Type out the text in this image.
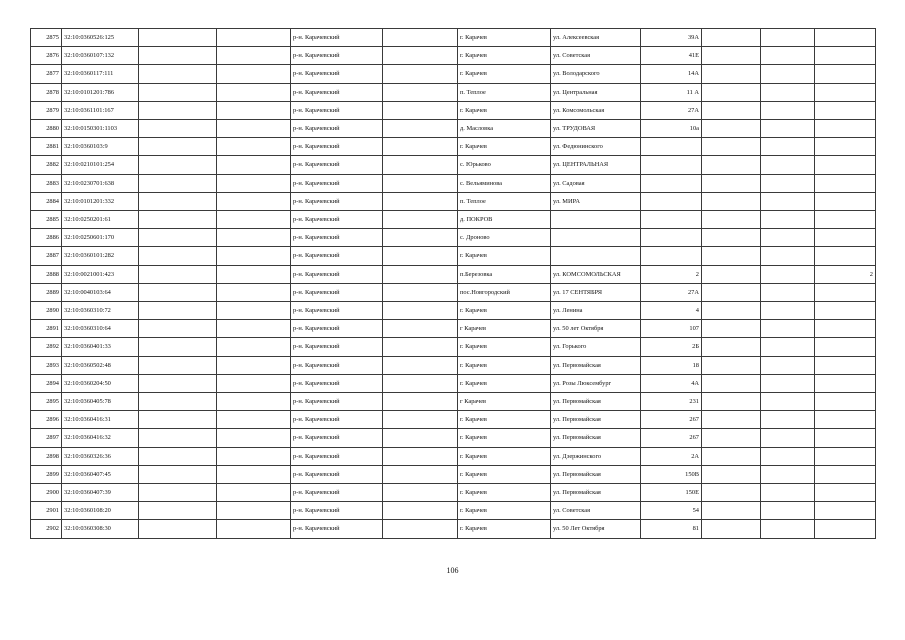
2875	32:10:0360526:125			р-н. Карачевский		г. Карачев	ул. Алексеевская	39А			
2876	32:10:0360107:132			р-н. Карачевский		г. Карачев	ул. Советская	41Е			
2877	32:10:0360117:111			р-н. Карачевский		г. Карачев	ул. Володарского	14А			
2878	32:10:0101201:786			р-н. Карачевский		п. Теплое	ул. Центральная	11 А			
2879	32:10:0361101:167			р-н. Карачевский		г. Карачев	ул. Комсомольская	27А			
2880	32:10:0150301:1103			р-н. Карачевский		д. Масловка	ул. ТРУДОВАЯ	10а			
2881	32:10:0360103:9			р-н. Карачевский		г. Карачев	ул. Федюнинского				
2882	32:10:0210101:254			р-н. Карачевский		с. Юрьково	ул. ЦЕНТРАЛЬНАЯ				
2883	32:10:0230701:638			р-н. Карачевский		с. Вельяминова	ул. Садовая				
2884	32:10:0101201:332			р-н. Карачевский		п. Теплое	ул. МИРА				
2885	32:10:0250201:61			р-н. Карачевский		д. ПОКРОВ					
2886	32:10:0250601:170			р-н. Карачевский		с. Дроново					
2887	32:10:0360101:282			р-н. Карачевский		г. Карачев					
2888	32:10:0021001:423			р-н. Карачевский		п.Березовка	ул. КОМСОМОЛЬСКАЯ	2			2
2889	32:10:0040103:64			р-н. Карачевский		пос.Новгородский	ул. 17 СЕНТЯБРЯ	27А			
2890	32:10:0360310:72			р-н. Карачевский		г. Карачев	ул. Ленина	4			
2891	32:10:0360310:64			р-н. Карачевский		г Карачев	ул. 50 лет Октября	107			
2892	32:10:0360401:33			р-н. Карачевский		г. Карачев	ул. Горького	2Б			
2893	32:10:0360502:48			р-н. Карачевский		г. Карачев	ул. Первомайская	18			
2894	32:10:0360204:50			р-н. Карачевский		г. Карачев	ул. Розы Люксембург	4А			
2895	32:10:0360405:78			р-н. Карачевский		г Карачев	ул. Первомайская	231			
2896	32:10:0360416:31			р-н. Карачевский		г. Карачев	ул. Первомайская	267			
2897	32:10:0360416:32			р-н. Карачевский		г. Карачев	ул. Первомайская	267			
2898	32:10:0360326:36			р-н. Карачевский		г. Карачев	ул. Дзержинского	2А			
2899	32:10:0360407:45			р-н. Карачевский		г. Карачев	ул. Первомайская	150В			
2900	32:10:0360407:39			р-н. Карачевский		г. Карачев	ул. Первомайская	150Е			
2901	32:10:0360108:20			р-н. Карачевский		г. Карачев	ул. Советская	54			
2902	32:10:0360308:30			р-н. Карачевский		г. Карачев	ул. 50 Лет Октября	81			
106
